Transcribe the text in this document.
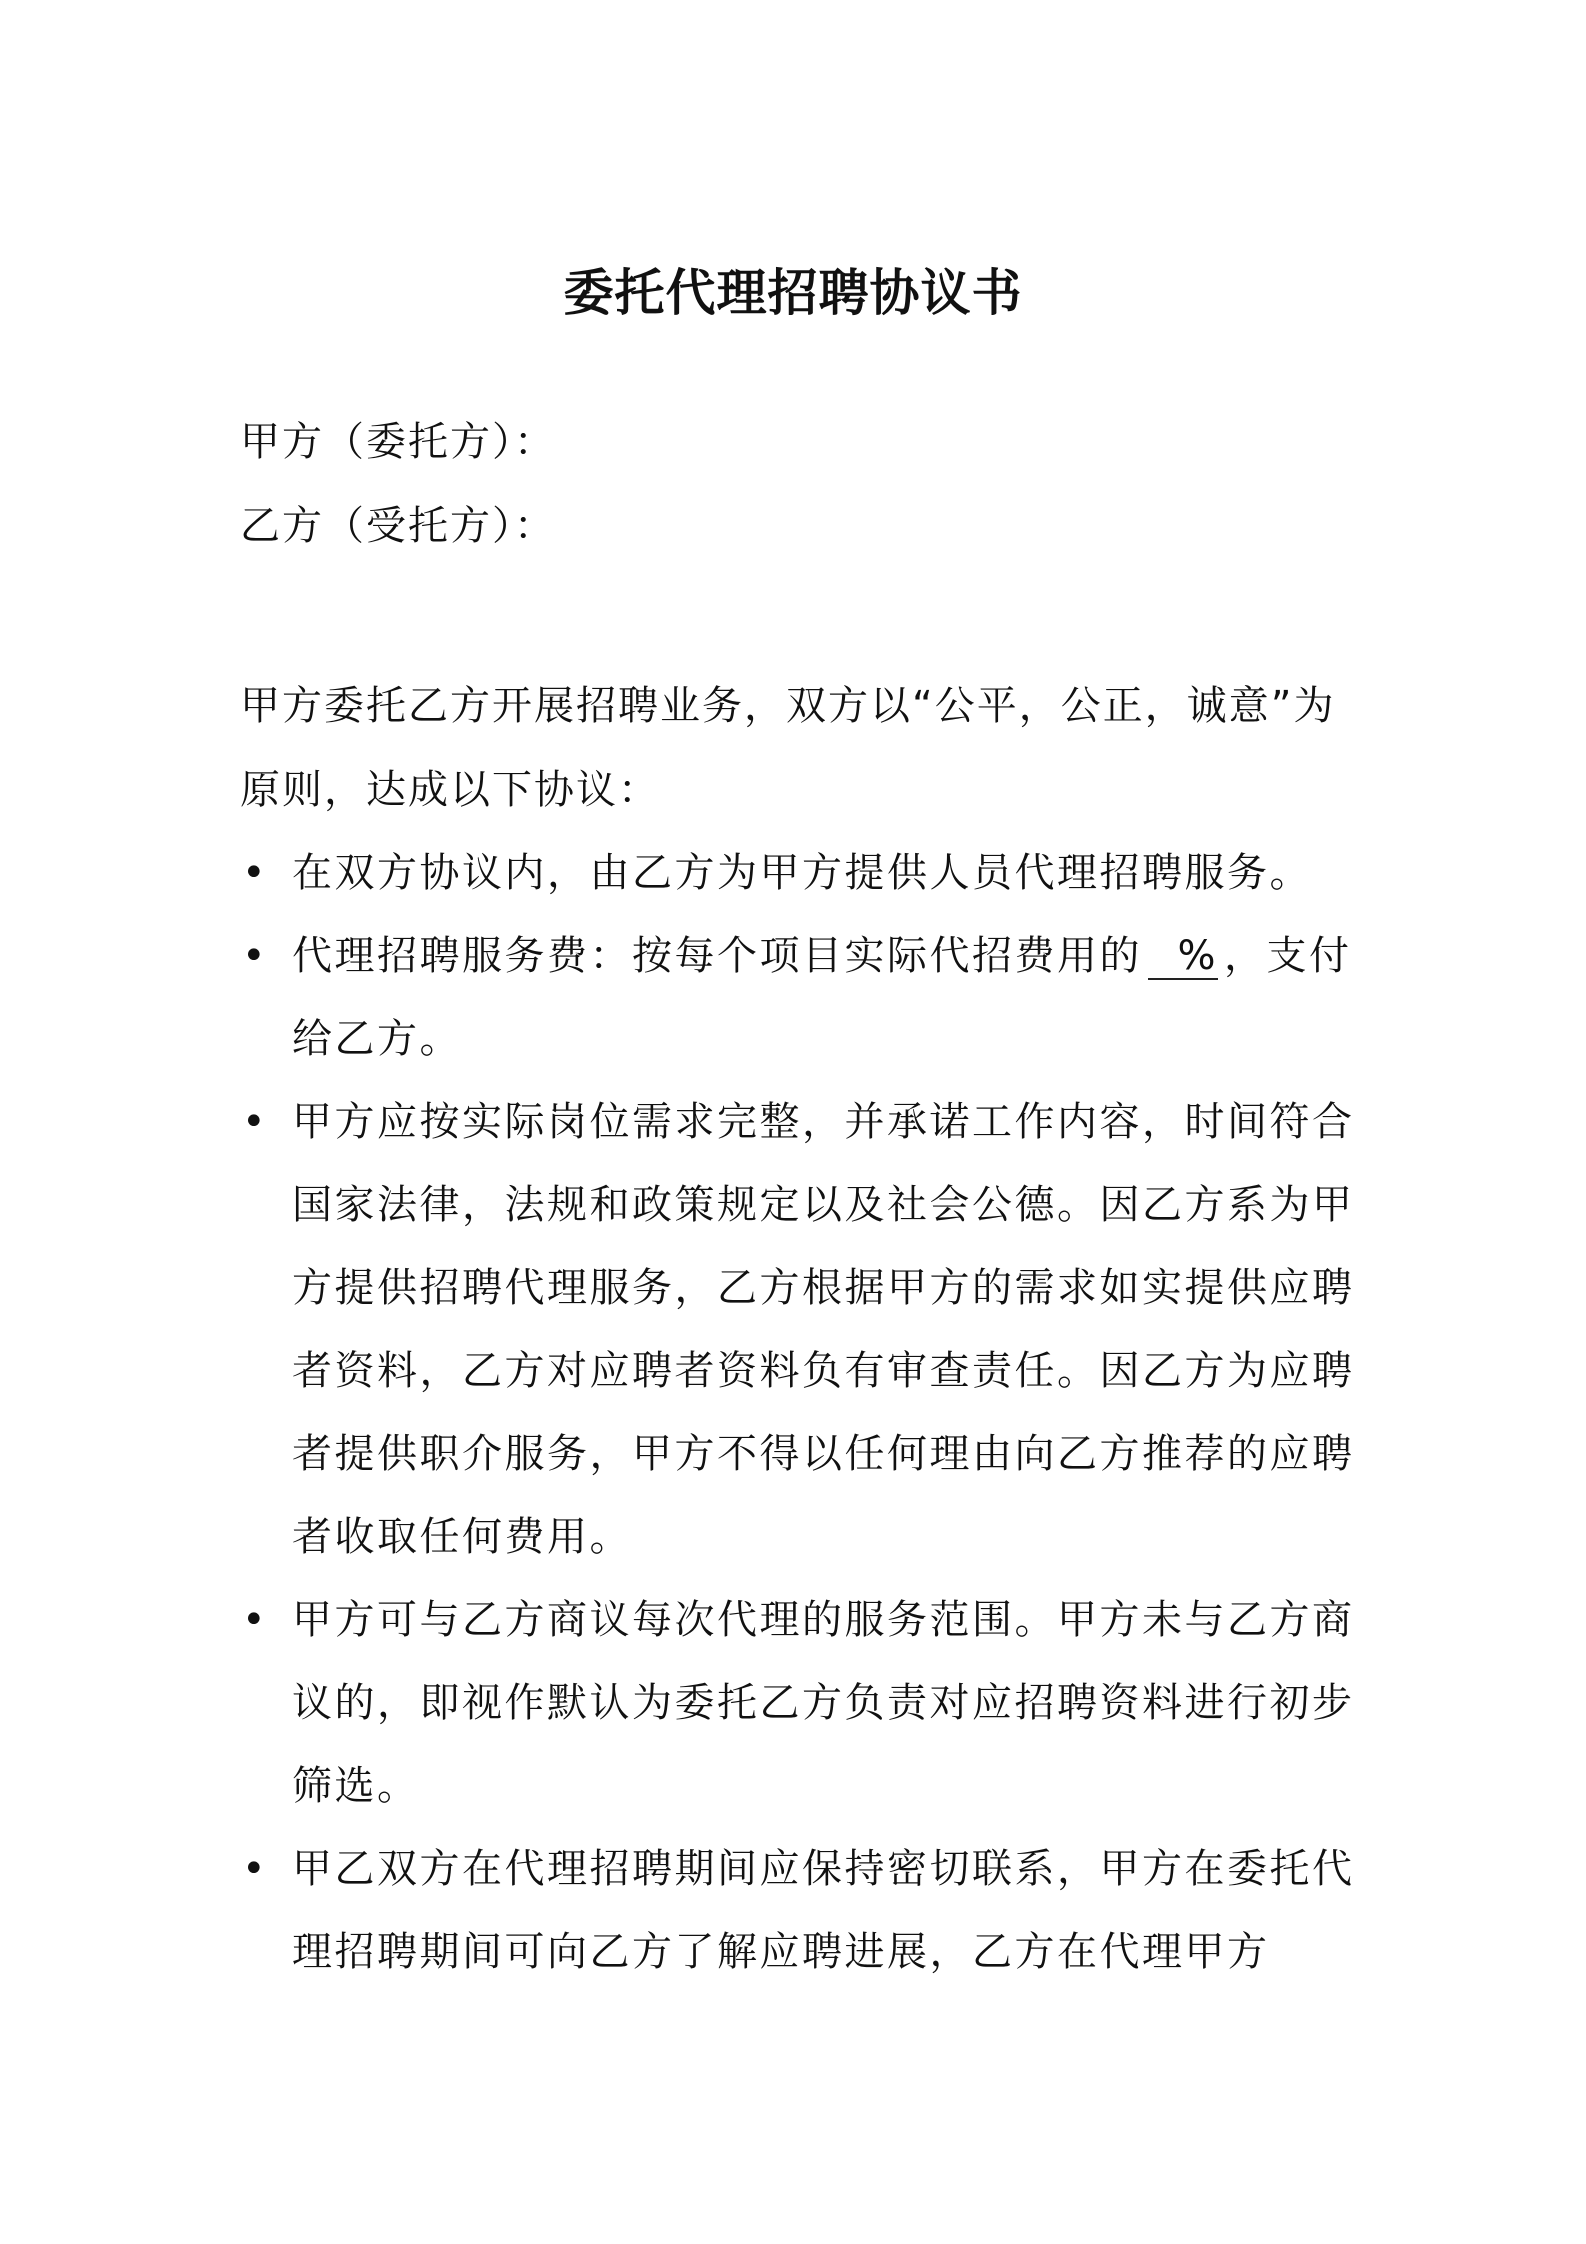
委托代理招聘协议书

甲方（委托方）：

乙方（受托方）：

甲方委托乙方开展招聘业务，双方以“公平，公正，诚意”为原则，达成以下协议：

• 在双方协议内，由乙方为甲方提供人员代理招聘服务。
• 代理招聘服务费：按每个项目实际代招费用的 % ，支付给乙方。
• 甲方应按实际岗位需求完整，并承诺工作内容，时间符合国家法律，法规和政策规定以及社会公德。因乙方系为甲方提供招聘代理服务，乙方根据甲方的需求如实提供应聘者资料，乙方对应聘者资料负有审查责任。因乙方为应聘者提供职介服务，甲方不得以任何理由向乙方推荐的应聘者收取任何费用。
• 甲方可与乙方商议每次代理的服务范围。甲方未与乙方商议的，即视作默认为委托乙方负责对应招聘资料进行初步筛选。
• 甲乙双方在代理招聘期间应保持密切联系，甲方在委托代理招聘期间可向乙方了解应聘进展，乙方在代理甲方
